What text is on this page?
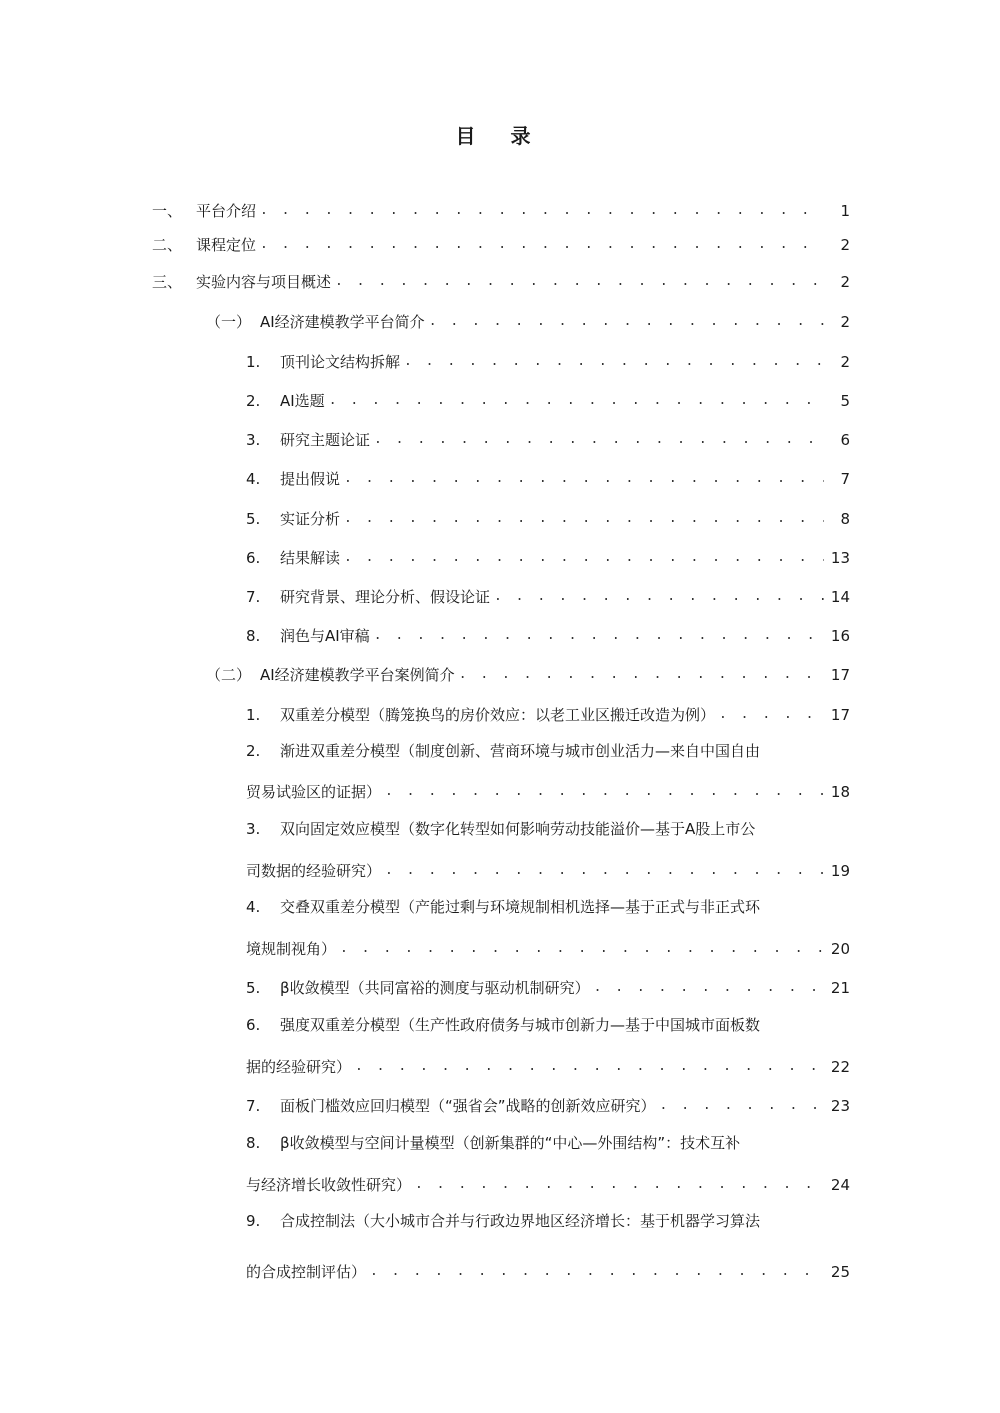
目 录
一、 平台介绍 . . .	1
二、 课程定位 . . .	2
三、 实验内容与项目概述 . . .	2
（一） AI经济建模教学平台简介 . . .	2
1.	顶刊论文结构拆解 . . .	2
2.	AI选题 . . .	5
3.	研究主题论证 . . .	6
4.	提出假说 . . .	7
5.	实证分析 . . .	8
6.	结果解读 . . .	13
7.	研究背景、理论分析、假设论证 . . .	14
8.	润色与AI审稿 . . .	16
（二） AI经济建模教学平台案例简介 . . .	17
1.	双重差分模型（腾笼换鸟的房价效应：以老工业区搬迁改造为例） . . .	17
2. 渐进双重差分模型（制度创新、营商环境与城市创业活力—来自中国自由
贸易试验区的证据） . . .	18
3. 双向固定效应模型（数字化转型如何影响劳动技能溢价—基于A股上市公
司数据的经验研究） . . .	19
4. 交叠双重差分模型（产能过剩与环境规制相机选择—基于正式与非正式环
境规制视角） . . .	20
5.	β收敛模型（共同富裕的测度与驱动机制研究） . . .	21
6. 强度双重差分模型（生产性政府债务与城市创新力—基于中国城市面板数
据的经验研究） . . .	22
7.	面板门槛效应回归模型（“强省会”战略的创新效应研究） . . .	23
8. β收敛模型与空间计量模型（创新集群的“中心—外围结构”：技术互补
与经济增长收敛性研究） . . .	24
9. 合成控制法（大小城市合并与行政边界地区经济增长：基于机器学习算法
的合成控制评估） . . .	25
